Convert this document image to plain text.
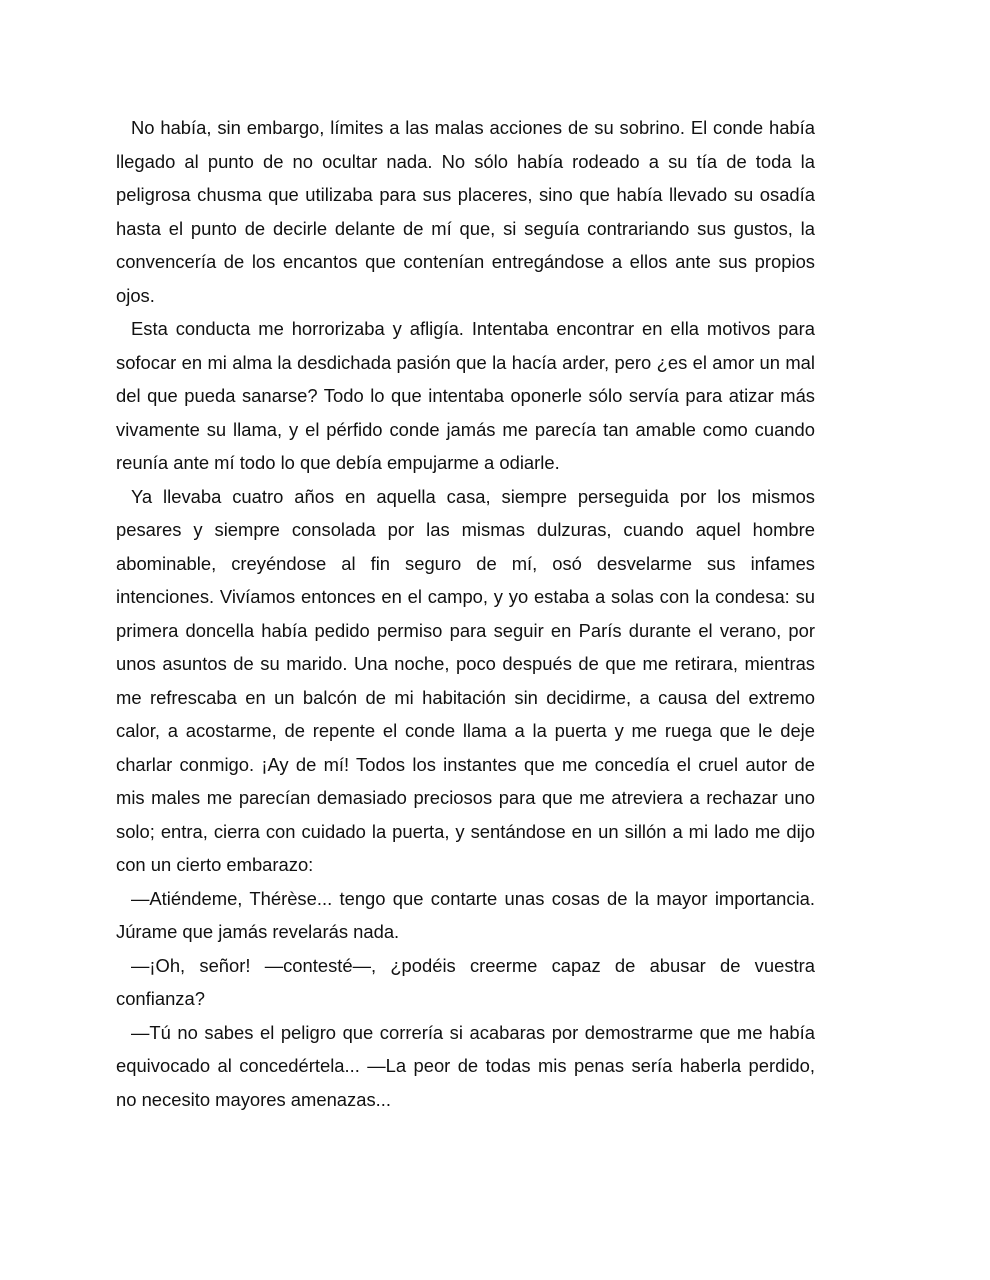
No había, sin embargo, límites a las malas acciones de su sobrino. El conde había llegado al punto de no ocultar nada. No sólo había rodeado a su tía de toda la peligrosa chusma que utilizaba para sus placeres, sino que había llevado su osadía hasta el punto de decirle delante de mí que, si seguía contrariando sus gustos, la convencería de los encantos que contenían entregándose a ellos ante sus propios ojos.

Esta conducta me horrorizaba y afligía. Intentaba encontrar en ella motivos para sofocar en mi alma la desdichada pasión que la hacía arder, pero ¿es el amor un mal del que pueda sanarse? Todo lo que intentaba oponerle sólo servía para atizar más vivamente su llama, y el pérfido conde jamás me parecía tan amable como cuando reunía ante mí todo lo que debía empujarme a odiarle.

Ya llevaba cuatro años en aquella casa, siempre perseguida por los mismos pesares y siempre consolada por las mismas dulzuras, cuando aquel hombre abominable, creyéndose al fin seguro de mí, osó desvelarme sus infames intenciones. Vivíamos entonces en el campo, y yo estaba a solas con la condesa: su primera doncella había pedido permiso para seguir en París durante el verano, por unos asuntos de su marido. Una noche, poco después de que me retirara, mientras me refrescaba en un balcón de mi habitación sin decidirme, a causa del extremo calor, a acostarme, de repente el conde llama a la puerta y me ruega que le deje charlar conmigo. ¡Ay de mí! Todos los instantes que me concedía el cruel autor de mis males me parecían demasiado preciosos para que me atreviera a rechazar uno solo; entra, cierra con cuidado la puerta, y sentándose en un sillón a mi lado me dijo con un cierto embarazo:

—Atiéndeme, Thérèse... tengo que contarte unas cosas de la mayor importancia. Júrame que jamás revelarás nada.

—¡Oh, señor! —contesté—, ¿podéis creerme capaz de abusar de vuestra confianza?

—Tú no sabes el peligro que correría si acabaras por demostrarme que me había equivocado al concedértela... —La peor de todas mis penas sería haberla perdido, no necesito mayores amenazas...
